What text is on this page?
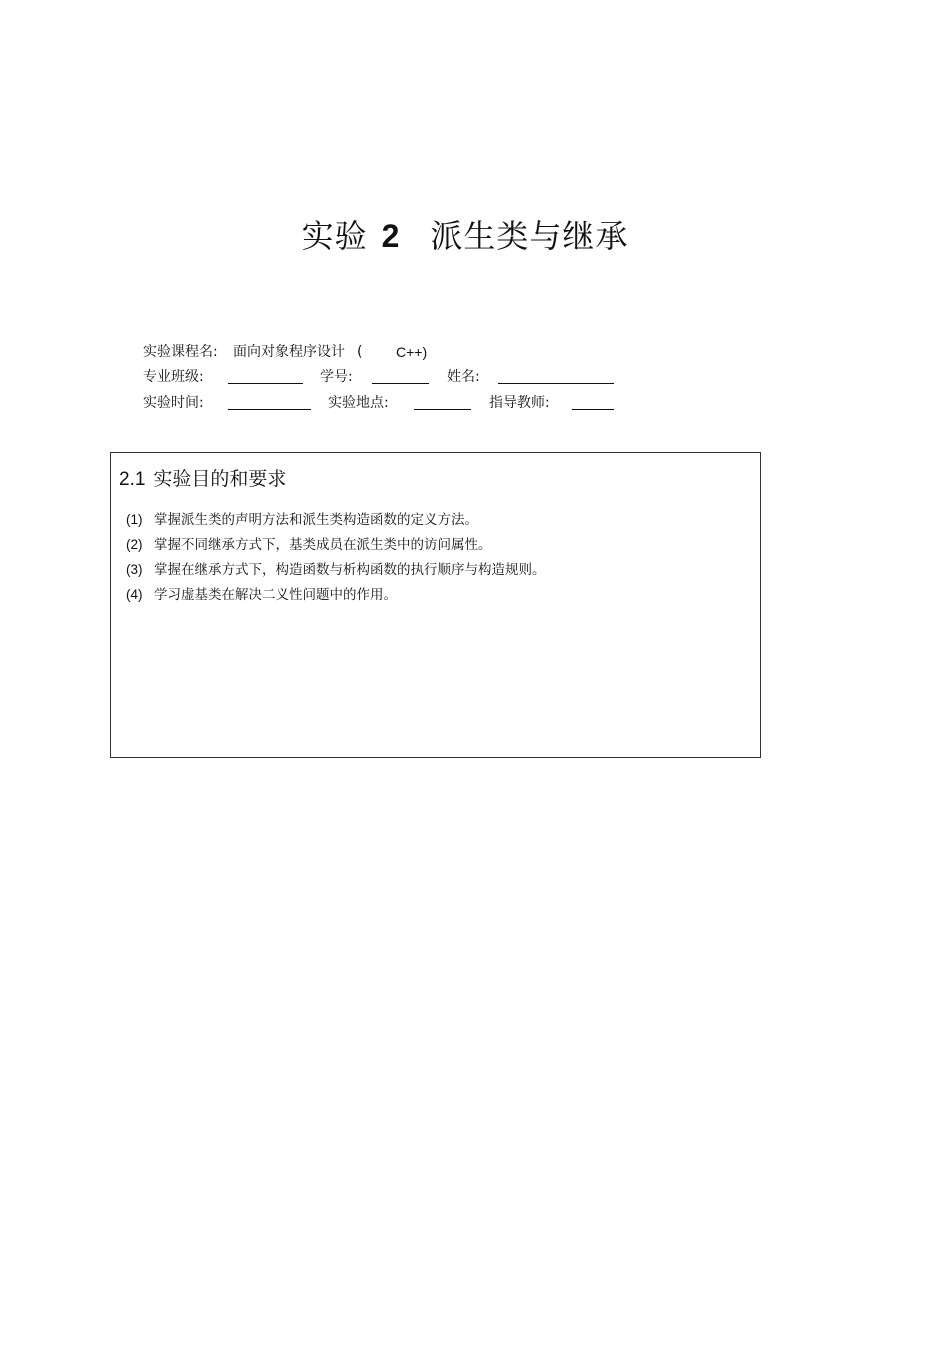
实验 2 派生类与继承
实验课程名: 面向对象程序设计 ( C++)
专业班级:	学号:	姓名:
实验时间:	实验地点:	指导教师:
2.1 实验目的和要求
(1) 掌握派生类的声明方法和派生类构造函数的定义方法。
(2) 掌握不同继承方式下，基类成员在派生类中的访问属性。
(3) 掌握在继承方式下，构造函数与析构函数的执行顺序与构造规则。
(4) 学习虚基类在解决二义性问题中的作用。
